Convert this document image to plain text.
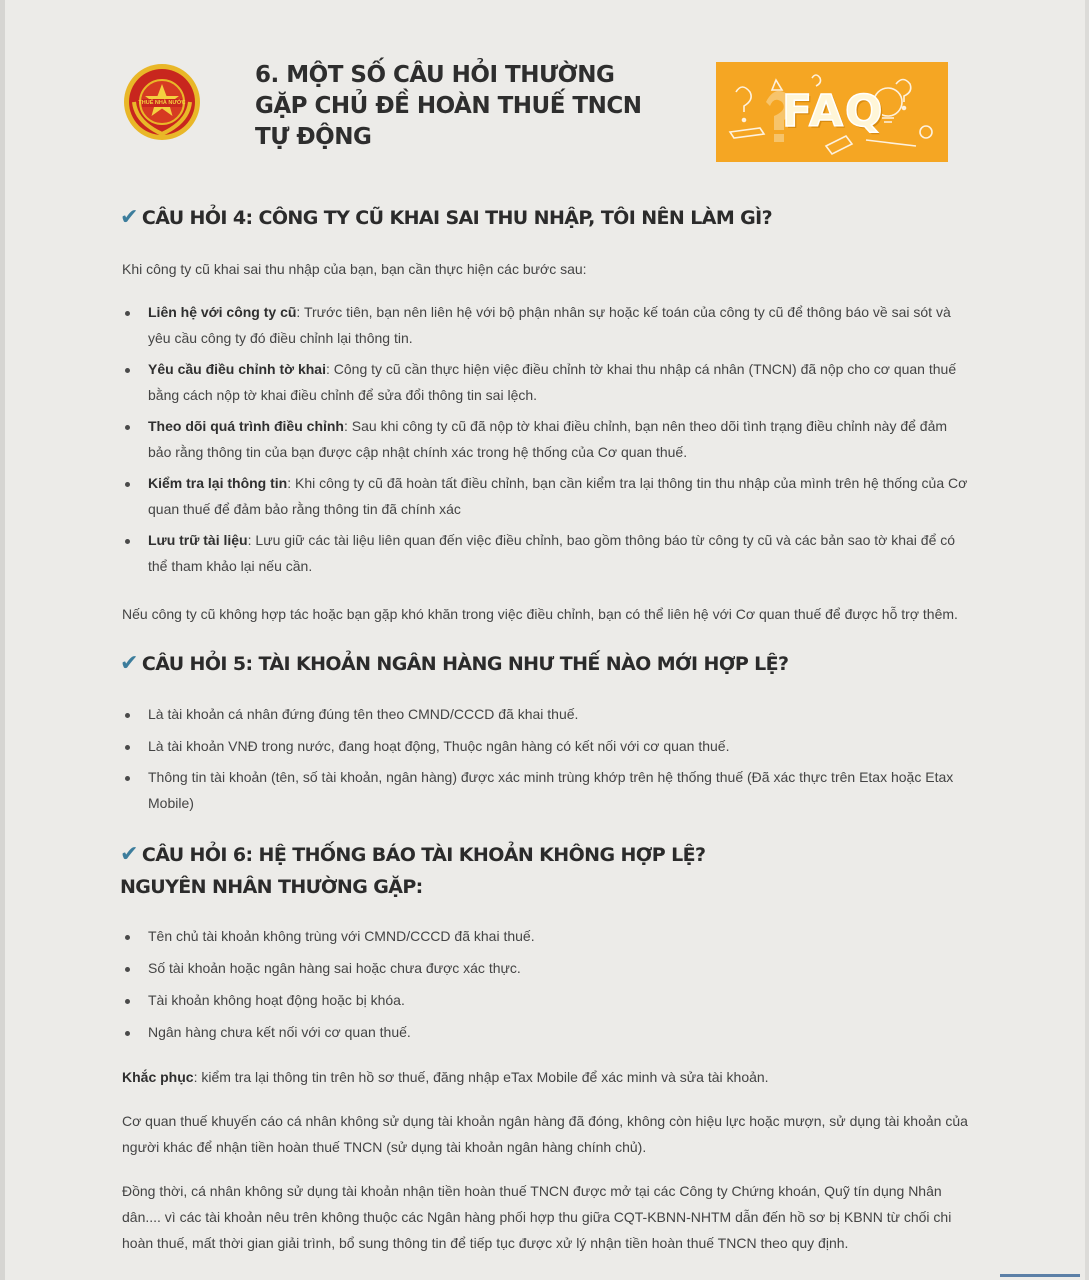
THUẾ NHÀ NƯỚC
6. MỘT SỐ CÂU HỎI THƯỜNG
GẶP CHỦ ĐỀ HOÀN THUẾ TNCN
TỰ ĐỘNG	FAQ
✔ CÂU HỎI 4: CÔNG TY CŨ KHAI SAI THU NHẬP, TÔI NÊN LÀM GÌ?
Khi công ty cũ khai sai thu nhập của bạn, bạn cần thực hiện các bước sau:
Liên hệ với công ty cũ: Trước tiên, bạn nên liên hệ với bộ phận nhân sự hoặc kế toán của công ty cũ để thông báo về sai sót và yêu cầu công ty đó điều chỉnh lại thông tin.
Yêu cầu điều chỉnh tờ khai: Công ty cũ cần thực hiện việc điều chỉnh tờ khai thu nhập cá nhân (TNCN) đã nộp cho cơ quan thuế bằng cách nộp tờ khai điều chỉnh để sửa đổi thông tin sai lệch.
Theo dõi quá trình điều chỉnh: Sau khi công ty cũ đã nộp tờ khai điều chỉnh, bạn nên theo dõi tình trạng điều chỉnh này để đảm bảo rằng thông tin của bạn được cập nhật chính xác trong hệ thống của Cơ quan thuế.
Kiểm tra lại thông tin: Khi công ty cũ đã hoàn tất điều chỉnh, bạn cần kiểm tra lại thông tin thu nhập của mình trên hệ thống của Cơ quan thuế để đảm bảo rằng thông tin đã chính xác
Lưu trữ tài liệu: Lưu giữ các tài liệu liên quan đến việc điều chỉnh, bao gồm thông báo từ công ty cũ và các bản sao tờ khai để có thể tham khảo lại nếu cần.
Nếu công ty cũ không hợp tác hoặc bạn gặp khó khăn trong việc điều chỉnh, bạn có thể liên hệ với Cơ quan thuế để được hỗ trợ thêm.
✔ CÂU HỎI 5: TÀI KHOẢN NGÂN HÀNG NHƯ THẾ NÀO MỚI HỢP LỆ?
Là tài khoản cá nhân đứng đúng tên theo CMND/CCCD đã khai thuế.
Là tài khoản VNĐ trong nước, đang hoạt động, Thuộc ngân hàng có kết nối với cơ quan thuế.
Thông tin tài khoản (tên, số tài khoản, ngân hàng) được xác minh trùng khớp trên hệ thống thuế (Đã xác thực trên Etax hoặc Etax Mobile)
✔ CÂU HỎI 6: HỆ THỐNG BÁO TÀI KHOẢN KHÔNG HỢP LỆ?
NGUYÊN NHÂN THƯỜNG GẶP:
Tên chủ tài khoản không trùng với CMND/CCCD đã khai thuế.
Số tài khoản hoặc ngân hàng sai hoặc chưa được xác thực.
Tài khoản không hoạt động hoặc bị khóa.
Ngân hàng chưa kết nối với cơ quan thuế.
Khắc phục: kiểm tra lại thông tin trên hồ sơ thuế, đăng nhập eTax Mobile để xác minh và sửa tài khoản.
Cơ quan thuế khuyến cáo cá nhân không sử dụng tài khoản ngân hàng đã đóng, không còn hiệu lực hoặc mượn, sử dụng tài khoản của người khác để nhận tiền hoàn thuế TNCN (sử dụng tài khoản ngân hàng chính chủ).
Đồng thời, cá nhân không sử dụng tài khoản nhận tiền hoàn thuế TNCN được mở tại các Công ty Chứng khoán, Quỹ tín dụng Nhân dân.... vì các tài khoản nêu trên không thuộc các Ngân hàng phối hợp thu giữa CQT-KBNN-NHTM dẫn đến hồ sơ bị KBNN từ chối chi hoàn thuế, mất thời gian giải trình, bổ sung thông tin để tiếp tục được xử lý nhận tiền hoàn thuế TNCN theo quy định.
